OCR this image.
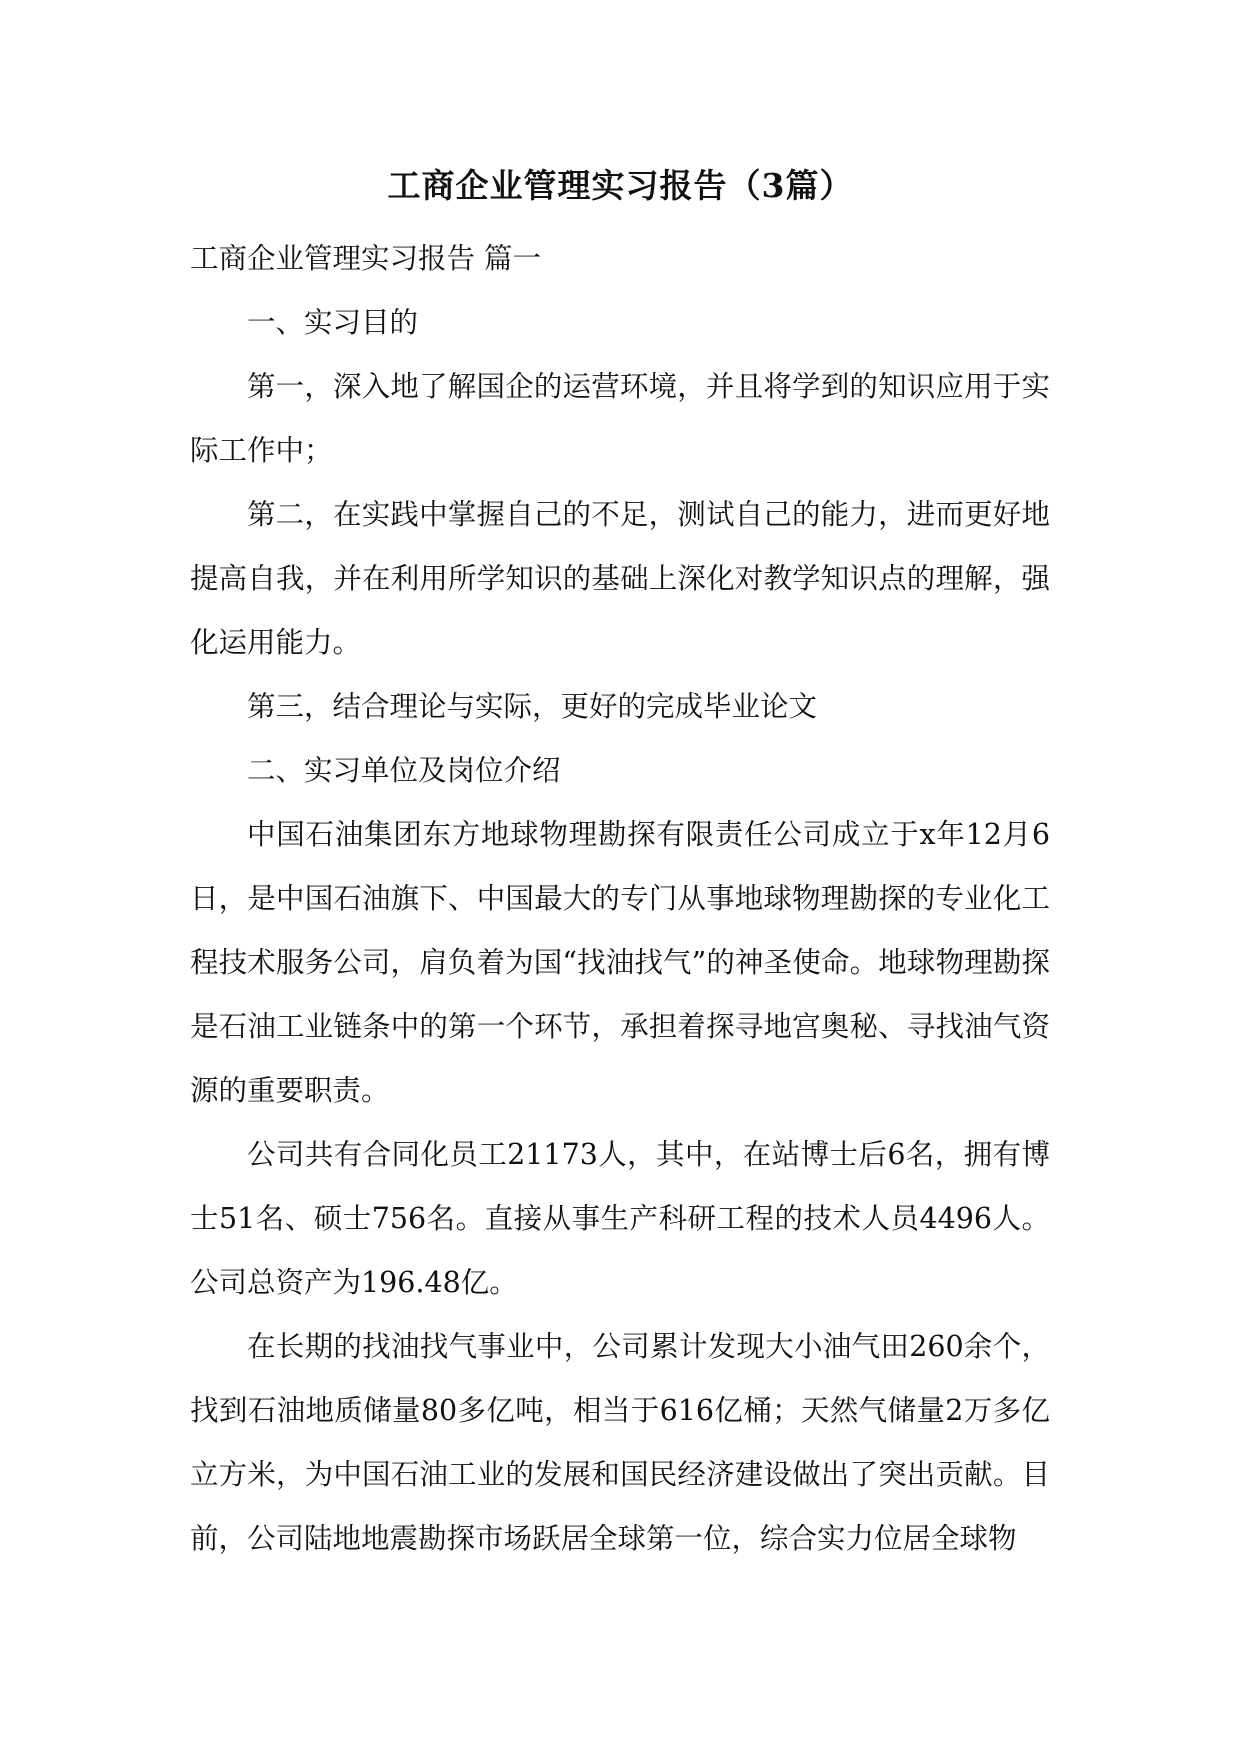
工商企业管理实习报告（3篇）

工商企业管理实习报告 篇一

一、实习目的

第一，深入地了解国企的运营环境，并且将学到的知识应用于实际工作中；

第二，在实践中掌握自己的不足，测试自己的能力，进而更好地提高自我，并在利用所学知识的基础上深化对教学知识点的理解，强化运用能力。

第三，结合理论与实际，更好的完成毕业论文

二、实习单位及岗位介绍

中国石油集团东方地球物理勘探有限责任公司成立于x年12月6日，是中国石油旗下、中国最大的专门从事地球物理勘探的专业化工程技术服务公司，肩负着为国“找油找气”的神圣使命。地球物理勘探是石油工业链条中的第一个环节，承担着探寻地宫奥秘、寻找油气资源的重要职责。

公司共有合同化员工21173人，其中，在站博士后6名，拥有博士51名、硕士756名。直接从事生产科研工程的技术人员4496人。公司总资产为196.48亿。

在长期的找油找气事业中，公司累计发现大小油气田260余个，找到石油地质储量80多亿吨，相当于616亿桶；天然气储量2万多亿立方米，为中国石油工业的发展和国民经济建设做出了突出贡献。目前，公司陆地地震勘探市场跃居全球第一位，综合实力位居全球物
